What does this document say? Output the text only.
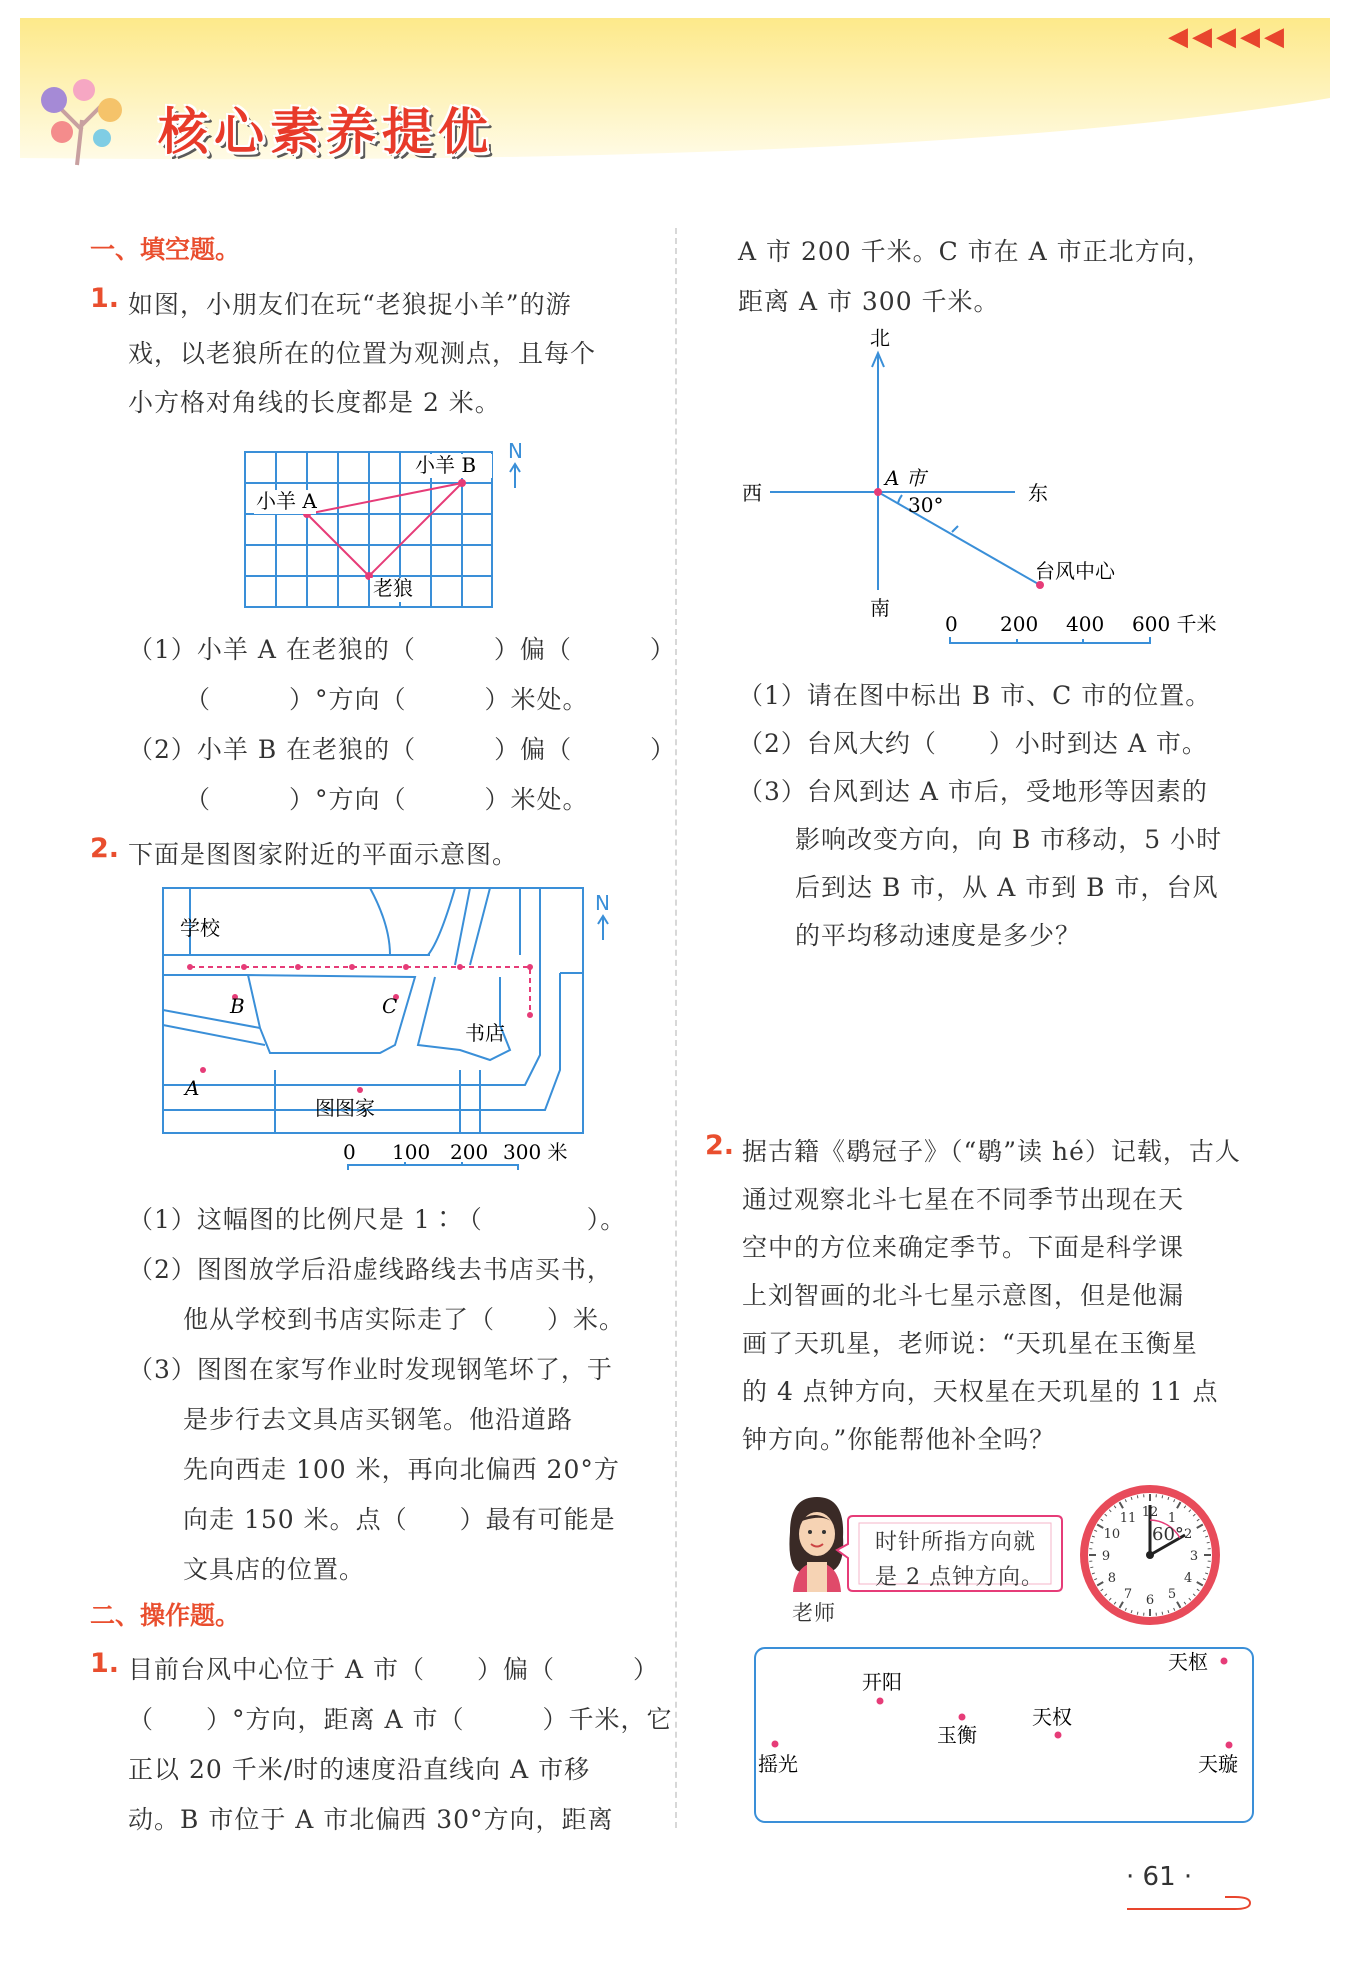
核心素养提优
◀◀◀◀◀
一、填空题。
1. 如图，小朋友们在玩“老狼捉小羊”的游
戏，以老狼所在的位置为观测点，且每个
小方格对角线的长度都是 2 米。
小羊 A
小羊 B
老狼
N
（1）小羊 A 在老狼的（　　　）偏（　　　）
（　　　）°方向（　　　）米处。
（2）小羊 B 在老狼的（　　　）偏（　　　）
（　　　）°方向（　　　）米处。
2. 下面是图图家附近的平面示意图。
学校
B	C
书店
A
图图家
N
0 100 200 300 米
（1）这幅图的比例尺是 1∶（　　　　）。
（2）图图放学后沿虚线路线去书店买书，
他从学校到书店实际走了（　　）米。
（3）图图在家写作业时发现钢笔坏了，于
是步行去文具店买钢笔。他沿道路
先向西走 100 米，再向北偏西 20°方
向走 150 米。点（　　）最有可能是
文具店的位置。
二、操作题。
1. 目前台风中心位于 A 市（　　）偏（　　　）
（　　）°方向，距离 A 市（　　　）千米，它
正以 20 千米/时的速度沿直线向 A 市移
动。B 市位于 A 市北偏西 30°方向，距离
A 市 200 千米。C 市在 A 市正北方向，
距离 A 市 300 千米。
北
南
西	东
A 市
30°
台风中心
0 200 400 600 千米
（1）请在图中标出 B 市、C 市的位置。
（2）台风大约（　　）小时到达 A 市。
（3）台风到达 A 市后，受地形等因素的
影响改变方向，向 B 市移动，5 小时
后到达 B 市，从 A 市到 B 市，台风
的平均移动速度是多少？
2. 据古籍《鹖冠子》（“鹖”读 hé）记载，古人
通过观察北斗七星在不同季节出现在天
空中的方位来确定季节。下面是科学课
上刘智画的北斗七星示意图，但是他漏
画了天玑星，老师说：“天玑星在玉衡星
的 4 点钟方向，天权星在天玑星的 11 点
钟方向。”你能帮他补全吗？
老师
时针所指方向就
是 2 点钟方向。
60°
12 1
2
3
4
5
6
7
8
9
10
11
开阳
天枢
天权
玉衡
摇光	天璇
· 61 ·
